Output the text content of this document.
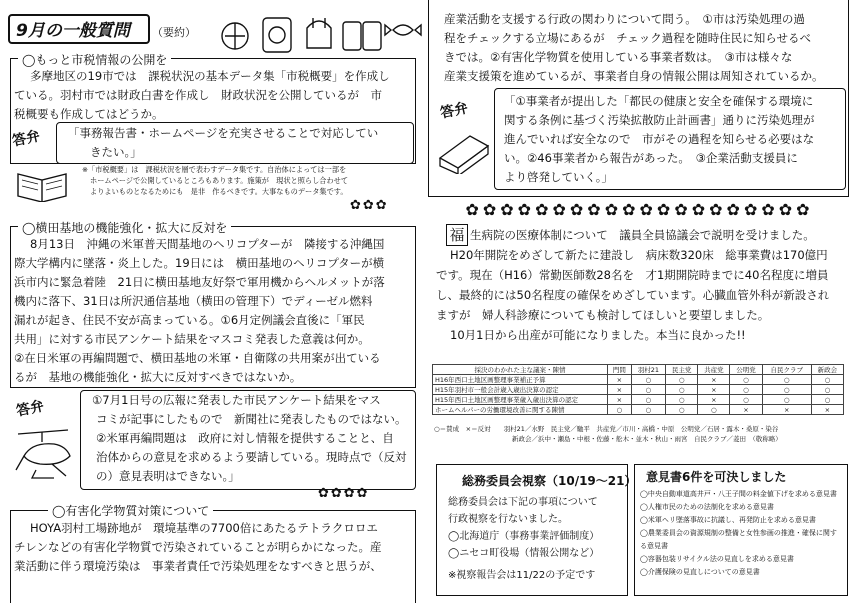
9月の一般質問	（要約）
◯もっと市税情報の公開を
多摩地区の19市では　課税状況の基本データ集「市税概要」を作成し
ている。羽村市では財政白書を作成し　財政状況を公開しているが　市
税概要も作成してはどうか。
答弁 「事務報告書・ホームページを充実させることで対応してい
きたい。」
※「市税概要」は　課税状況を層で表わすデータ集です。自治体によっては一部を
ホームページで公開しているところもあります。施策が　現状と照らし合わせて
よりよいものとなるためにも　是非　作るべきです。大事なものデータ集です。
✿✿✿
◯横田基地の機能強化・拡大に反対を
8月13日　沖縄の米軍普天間基地のヘリコプターが　隣接する沖縄国
際大学構内に墜落・炎上した。19日には　横田基地のヘリコプターが横
浜市内に緊急着陸　21日に横田基地友好祭で軍用機からヘルメットが落
機内に落下、31日は所沢通信基地（横田の管理下）でディーゼル燃料
漏れが起き、住民不安が高まっている。①6月定例議会直後に「軍民
共用」に対する市民アンケート結果をマスコミ発表した意義は何か。
②在日米軍の再編問題で、横田基地の米軍・自衛隊の共用案が出ている
るが　基地の機能強化・拡大に反対すべきではないか。
答弁	①7月1日号の広報に発表した市民アンケート結果をマス
コミが記事にしたもので　新聞社に発表したものではない。
②米軍再編問題は　政府に対し情報を提供することと、自
治体からの意見を求めるよう要請している。現時点で（反対
の）意見表明はできない。」
✿✿✿✿
◯有害化学物質対策について
HOYA羽村工場跡地が　環境基準の7700倍にあたるテトラクロロエ
チレンなどの有害化学物質で汚染されていることが明らかになった。産
業活動に伴う環境汚染は　事業者責任で汚染処理をなすべきと思うが、
産業活動を支援する行政の関わりについて問う。　①市は汚染処理の過
程をチェックする立場にあるが　チェック過程を随時住民に知らせるべ
きでは。②有害化学物質を使用している事業者数は。　③市は様々な
産業支援策を進めているが、事業者自身の情報公開は周知されているか。
答弁	「①事業者が提出した「都民の健康と安全を確保する環境に
関する条例に基づく汚染拡散防止計画書」通りに汚染処理が
進んでいれば安全なので　市がその過程を知らせる必要はな
い。②46事業者から報告があった。　③企業活動支援員に
より啓発していく。」
✿✿✿✿✿✿✿✿✿✿✿✿✿✿✿✿✿✿✿✿
福 生病院の医療体制について　議員全員協議会で説明を受けました。
H20年開院をめざして新たに建設し　病床数320床　総事業費は170億円
です。現在（H16）常勤医師数28名を　才1期開院時までに40名程度に増員
し、最終的には50名程度の確保をめざしています。心臓血管外科が新設され
ますが　婦人科診療についても検討してほしいと要望しました。
10月1日から出産が可能になりました。本当に良かった!!
採決のわかれた主な議案・陳情	門間	羽村21	民主党	共産党	公明党	自民クラブ	新政会
H16年西口土地区画整理事業補正予算	×	○	○	×	○	○	○
H15年羽村市一般会計歳入歳出決算の認定	×	○	○	×	○	○	○
H15年西口土地区画整理事業歳入歳出決算の認定	×	○	○	×	○	○	○
ホームヘルパーの労働環境改善に関する陳情	○	○	○	○	×	×	×
○＝賛成　×＝反対　　羽村21／水野　民主党／馳平　共産党／市川・高橋・中原　公明党／石居・露木・桑原・染谷
新政会／浜中・瀬島・中根・佐藤・舩木・並木・秋山・雨宮　自民クラブ／菱田　（敬称略）
総務委員会視察（10/19～21）
総務委員会は下記の事項について
行政視察を行ないました。
◯北海道庁（事務事業評価制度）
◯ニセコ町役場（情報公開など）
※視察報告会は11/22の予定です
意見書6件を可決しました
◯中央自動車道高井戸・八王子間の料金値下げを求める意見書
◯人権市民のための法制化を求める意見書
◯米軍ヘリ墜落事故に抗議し、再発防止を求める意見書
◯農業委員会の資源規制の整備と女性参画の推進・確保に関する意見書
◯容器包装リサイクル法の見直しを求める意見書
◯介護保険の見直しについての意見書
